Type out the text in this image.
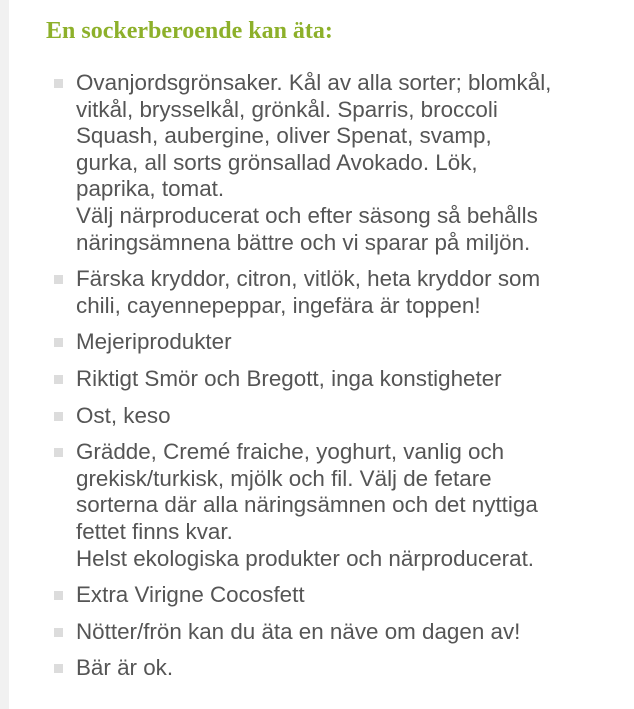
En sockerberoende kan äta:
Ovanjordsgrönsaker. Kål av alla sorter; blomkål,
vitkål, brysselkål, grönkål. Sparris, broccoli
Squash, aubergine, oliver Spenat, svamp,
gurka, all sorts grönsallad Avokado. Lök,
paprika, tomat.
Välj närproducerat och efter säsong så behålls
näringsämnena bättre och vi sparar på miljön.
Färska kryddor, citron, vitlök, heta kryddor som
chili, cayennepeppar, ingefära är toppen!
Mejeriprodukter
Riktigt Smör och Bregott, inga konstigheter
Ost, keso
Grädde, Cremé fraiche, yoghurt, vanlig och
grekisk/turkisk, mjölk och fil. Välj de fetare
sorterna där alla näringsämnen och det nyttiga
fettet finns kvar.
Helst ekologiska produkter och närproducerat.
Extra Virigne Cocosfett
Nötter/frön kan du äta en näve om dagen av!
Bär är ok.
